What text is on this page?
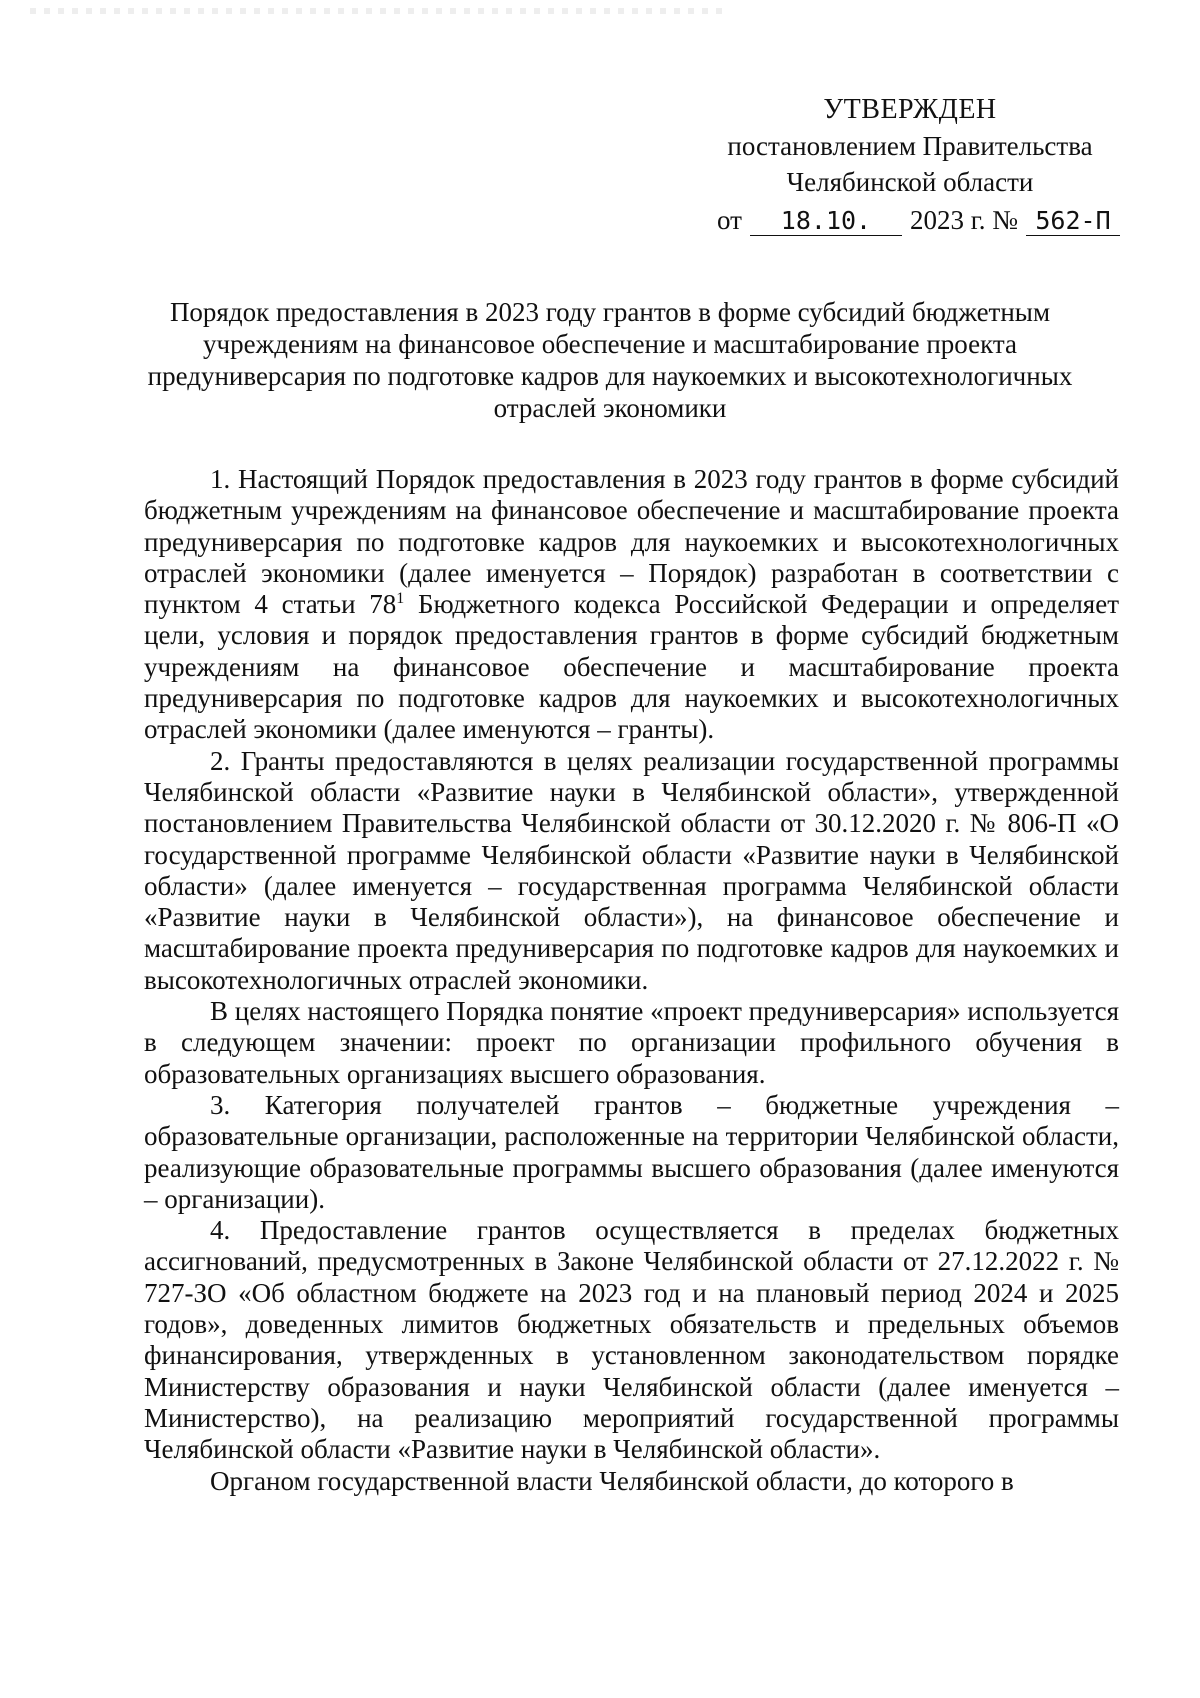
УТВЕРЖДЕН
постановлением Правительства
Челябинской области
от	18.10.	2023 г. № 562-П
Порядок предоставления в 2023 году грантов в форме субсидий бюджетным учреждениям на финансовое обеспечение и масштабирование проекта предуниверсария по подготовке кадров для наукоемких и высокотехнологичных отраслей экономики

1. Настоящий Порядок предоставления в 2023 году грантов в форме субсидий бюджетным учреждениям на финансовое обеспечение и масштабирование проекта предуниверсария по подготовке кадров для наукоемких и высокотехнологичных отраслей экономики (далее именуется – Порядок) разработан в соответствии с пунктом 4 статьи $78^1$ Бюджетного кодекса Российской Федерации и определяет цели, условия и порядок предоставления грантов в форме субсидий бюджетным учреждениям на финансовое обеспечение и масштабирование проекта предуниверсария по подготовке кадров для наукоемких и высокотехнологичных отраслей экономики (далее именуются – гранты).

2. Гранты предоставляются в целях реализации государственной программы Челябинской области «Развитие науки в Челябинской области», утвержденной постановлением Правительства Челябинской области от 30.12.2020 г. № 806-П «О государственной программе Челябинской области «Развитие науки в Челябинской области» (далее именуется – государственная программа Челябинской области «Развитие науки в Челябинской области»), на финансовое обеспечение и масштабирование проекта предуниверсария по подготовке кадров для наукоемких и высокотехнологичных отраслей экономики.

В целях настоящего Порядка понятие «проект предуниверсария» используется в следующем значении: проект по организации профильного обучения в образовательных организациях высшего образования.

3. Категория получателей грантов – бюджетные учреждения – образовательные организации, расположенные на территории Челябинской области, реализующие образовательные программы высшего образования (далее именуются – организации).

4. Предоставление грантов осуществляется в пределах бюджетных ассигнований, предусмотренных в Законе Челябинской области от 27.12.2022 г. № 727-ЗО «Об областном бюджете на 2023 год и на плановый период 2024 и 2025 годов», доведенных лимитов бюджетных обязательств и предельных объемов финансирования, утвержденных в установленном законодательством порядке Министерству образования и науки Челябинской области (далее именуется – Министерство), на реализацию мероприятий государственной программы Челябинской области «Развитие науки в Челябинской области».

Органом государственной власти Челябинской области, до которого в
